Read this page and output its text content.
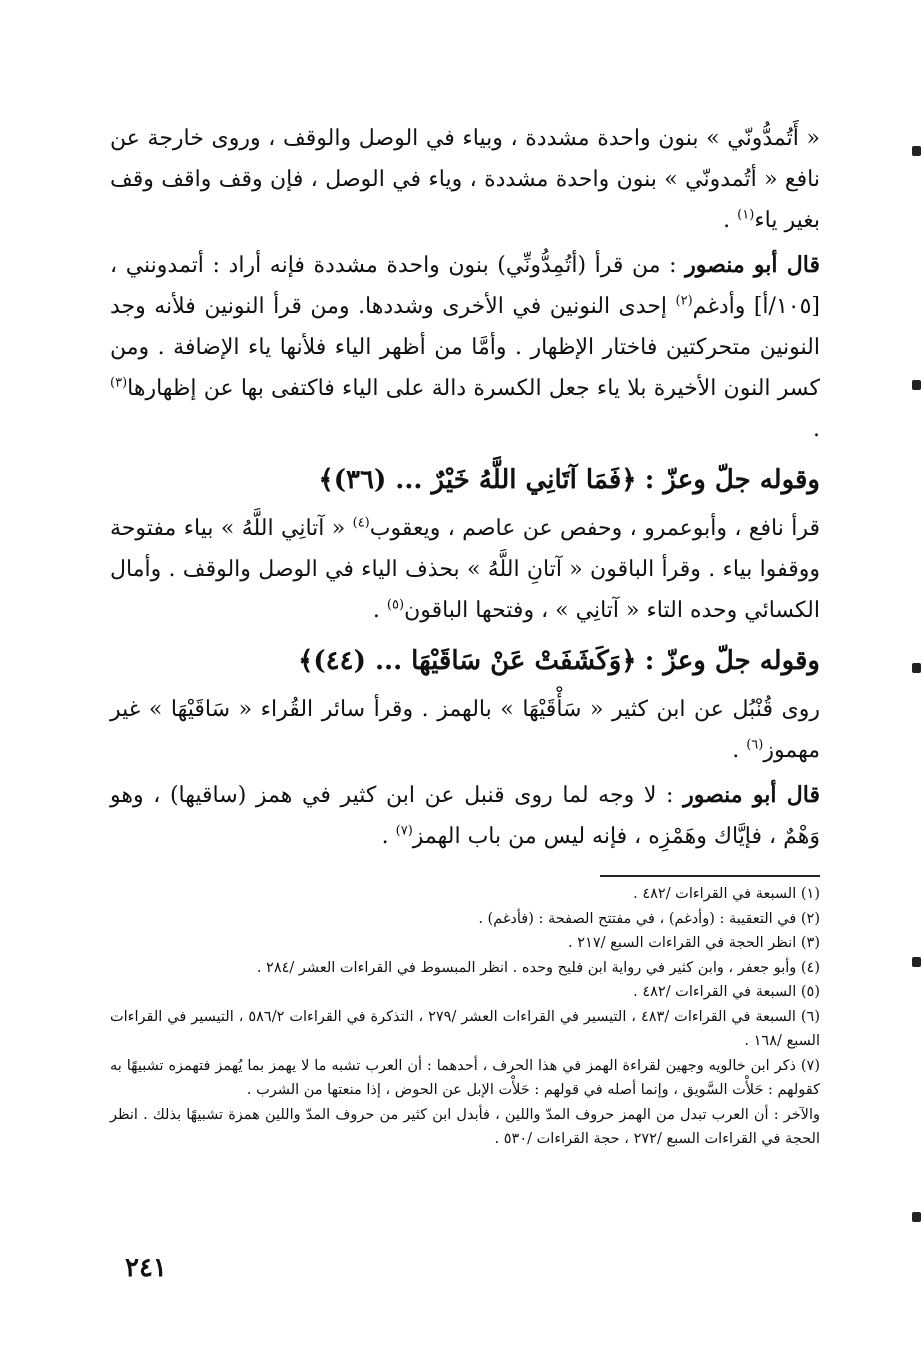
« أَتُمدُّونّي » بنون واحدة مشددة ، وبياء في الوصل والوقف ، وروى خارجة عن نافع « أتُمدونّي » بنون واحدة مشددة ، وياء في الوصل ، فإن وقف واقف وقف بغير ياء$^{(١)}$ .

قال أبو منصور : من قرأ (أتُمِدُّونِّي) بنون واحدة مشددة فإنه أراد : أتمدونني ، [١٠٥/أ] وأدغم$^{(٢)}$ إحدى النونين في الأخرى وشددها. ومن قرأ النونين فلأنه وجد النونين متحركتين فاختار الإظهار . وأمَّا من أظهر الياء فلأنها ياء الإضافة . ومن كسر النون الأخيرة بلا ياء جعل الكسرة دالة على الياء فاكتفى بها عن إظهارها$^{(٣)}$ .

وقوله جلّ وعزّ : ﴿فَمَا آتَانِي اللَّهُ خَيْرٌ ... (٣٦)﴾

قرأ نافع ، وأبوعمرو ، وحفص عن عاصم ، ويعقوب$^{(٤)}$ « آتانِي اللَّهُ » بياء مفتوحة ووقفوا بياء . وقرأ الباقون « آتانِ اللَّهُ » بحذف الياء في الوصل والوقف . وأمال الكسائي وحده التاء « آتانِي » ، وفتحها الباقون$^{(٥)}$ .

وقوله جلّ وعزّ : ﴿وَكَشَفَتْ عَنْ سَاقَيْهَا ... (٤٤)﴾

روى قُنْبُل عن ابن كثير « سَأْقَيْهَا » بالهمز . وقرأ سائر القُراء « سَاقَيْهَا » غير مهموز$^{(٦)}$ .

قال أبو منصور : لا وجه لما روى قنبل عن ابن كثير في همز (ساقيها) ، وهو وَهْمٌ ، فإيَّاك وهَمْزِه ، فإنه ليس من باب الهمز$^{(٧)}$ .

(١) السبعة في القراءات /٤٨٢ .

(٢) في التعقيبة : (وأدغم) ، في مفتتح الصفحة : (فأدغم) .

(٣) انظر الحجة في القراءات السبع /٢١٧ .

(٤) وأبو جعفر ، وابن كثير في رواية ابن فليح وحده . انظر المبسوط في القراءات العشر /٢٨٤ .

(٥) السبعة في القراءات /٤٨٢ .

(٦) السبعة في القراءات /٤٨٣ ، التيسير في القراءات العشر /٢٧٩ ، التذكرة في القراءات ٥٨٦/٢ ، التيسير في القراءات السبع /١٦٨ .

(٧) ذكر ابن خالويه وجهين لقراءة الهمز في هذا الحرف ، أحدهما : أن العرب تشبه ما لا يهمز بما يُهمز فتهمزه تشبيهًا به كقولهم : حَلأْت السَّويق ، وإنما أصله في قولهم : حَلأْت الإبل عن الحوض ، إذا منعتها من الشرب .

والآخر : أن العرب تبدل من الهمز حروف المدّ واللين ، فأبدل ابن كثير من حروف المدّ واللين همزة تشبيهًا بذلك . انظر الحجة في القراءات السبع /٢٧٢ ، حجة القراءات /٥٣٠ .

٢٤١
